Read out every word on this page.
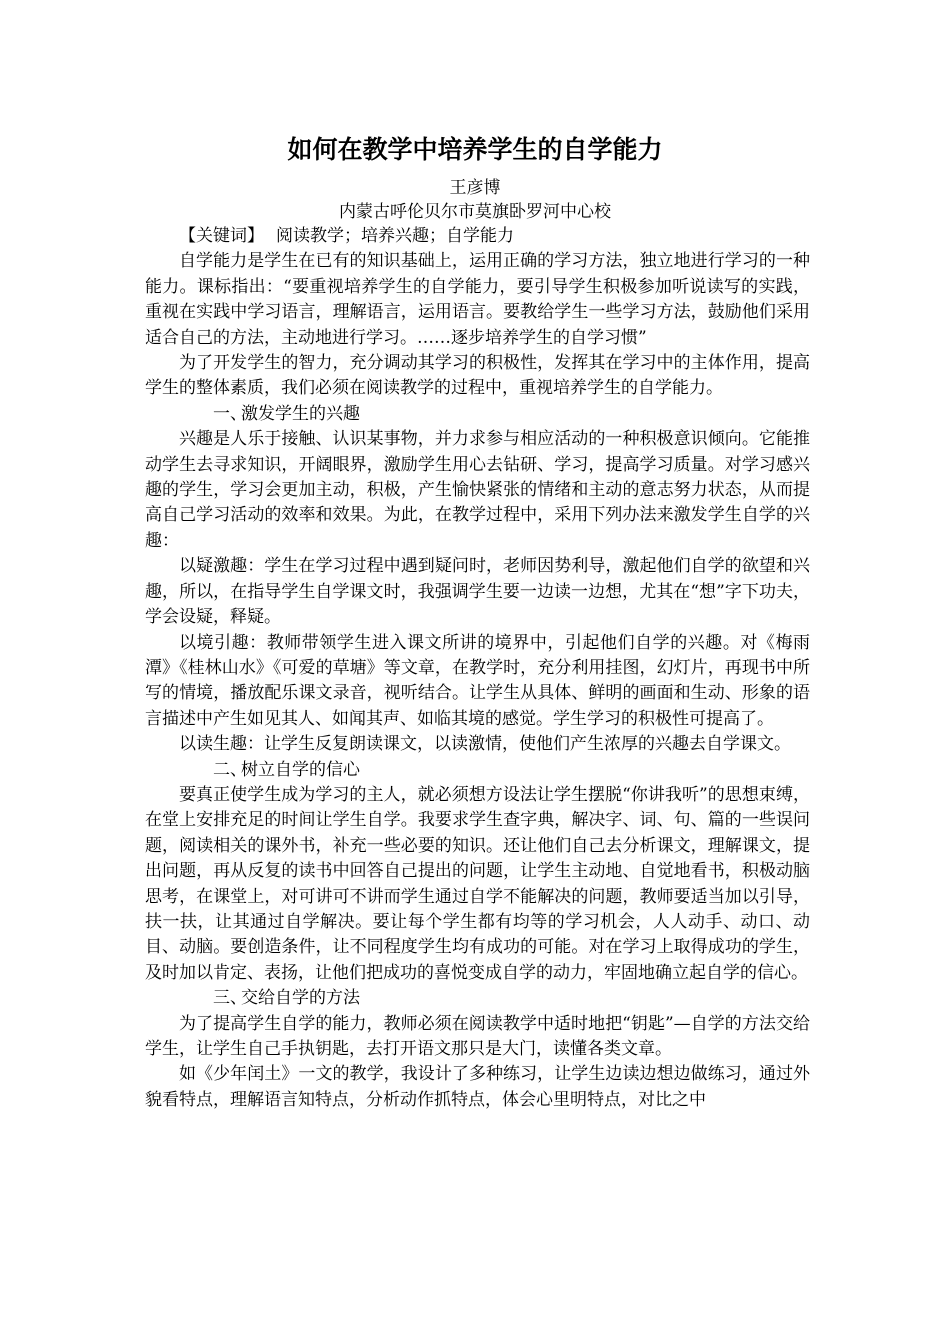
如何在教学中培养学生的自学能力
王彦博
内蒙古呼伦贝尔市莫旗卧罗河中心校

【关键词】 阅读教学；培养兴趣；自学能力

自学能力是学生在已有的知识基础上，运用正确的学习方法，独立地进行学习的一种能力。课标指出：“要重视培养学生的自学能力，要引导学生积极参加听说读写的实践，重视在实践中学习语言，理解语言，运用语言。要教给学生一些学习方法，鼓励他们采用适合自己的方法，主动地进行学习。……逐步培养学生的自学习惯”

为了开发学生的智力，充分调动其学习的积极性，发挥其在学习中的主体作用，提高学生的整体素质，我们必须在阅读教学的过程中，重视培养学生的自学能力。

一、激发学生的兴趣

兴趣是人乐于接触、认识某事物，并力求参与相应活动的一种积极意识倾向。它能推动学生去寻求知识，开阔眼界，激励学生用心去钻研、学习，提高学习质量。对学习感兴趣的学生，学习会更加主动，积极，产生愉快紧张的情绪和主动的意志努力状态，从而提高自己学习活动的效率和效果。为此，在教学过程中，采用下列办法来激发学生自学的兴趣：

以疑激趣：学生在学习过程中遇到疑问时，老师因势利导，激起他们自学的欲望和兴趣，所以，在指导学生自学课文时，我强调学生要一边读一边想，尤其在“想”字下功夫，学会设疑，释疑。

以境引趣：教师带领学生进入课文所讲的境界中，引起他们自学的兴趣。对《梅雨潭》《桂林山水》《可爱的草塘》等文章，在教学时，充分利用挂图，幻灯片，再现书中所写的情境，播放配乐课文录音，视听结合。让学生从具体、鲜明的画面和生动、形象的语言描述中产生如见其人、如闻其声、如临其境的感觉。学生学习的积极性可提高了。

以读生趣：让学生反复朗读课文，以读激情，使他们产生浓厚的兴趣去自学课文。

二、树立自学的信心

要真正使学生成为学习的主人，就必须想方设法让学生摆脱“你讲我听”的思想束缚，在堂上安排充足的时间让学生自学。我要求学生查字典，解决字、词、句、篇的一些误问题，阅读相关的课外书，补充一些必要的知识。还让他们自己去分析课文，理解课文，提出问题，再从反复的读书中回答自己提出的问题，让学生主动地、自觉地看书，积极动脑思考，在课堂上，对可讲可不讲而学生通过自学不能解决的问题，教师要适当加以引导，扶一扶，让其通过自学解决。要让每个学生都有均等的学习机会，人人动手、动口、动目、动脑。要创造条件，让不同程度学生均有成功的可能。对在学习上取得成功的学生，及时加以肯定、表扬，让他们把成功的喜悦变成自学的动力，牢固地确立起自学的信心。

三、交给自学的方法

为了提高学生自学的能力，教师必须在阅读教学中适时地把“钥匙”—自学的方法交给学生，让学生自己手执钥匙，去打开语文那只是大门，读懂各类文章。

如《少年闰土》一文的教学，我设计了多种练习，让学生边读边想边做练习，通过外貌看特点，理解语言知特点，分析动作抓特点，体会心里明特点，对比之中
